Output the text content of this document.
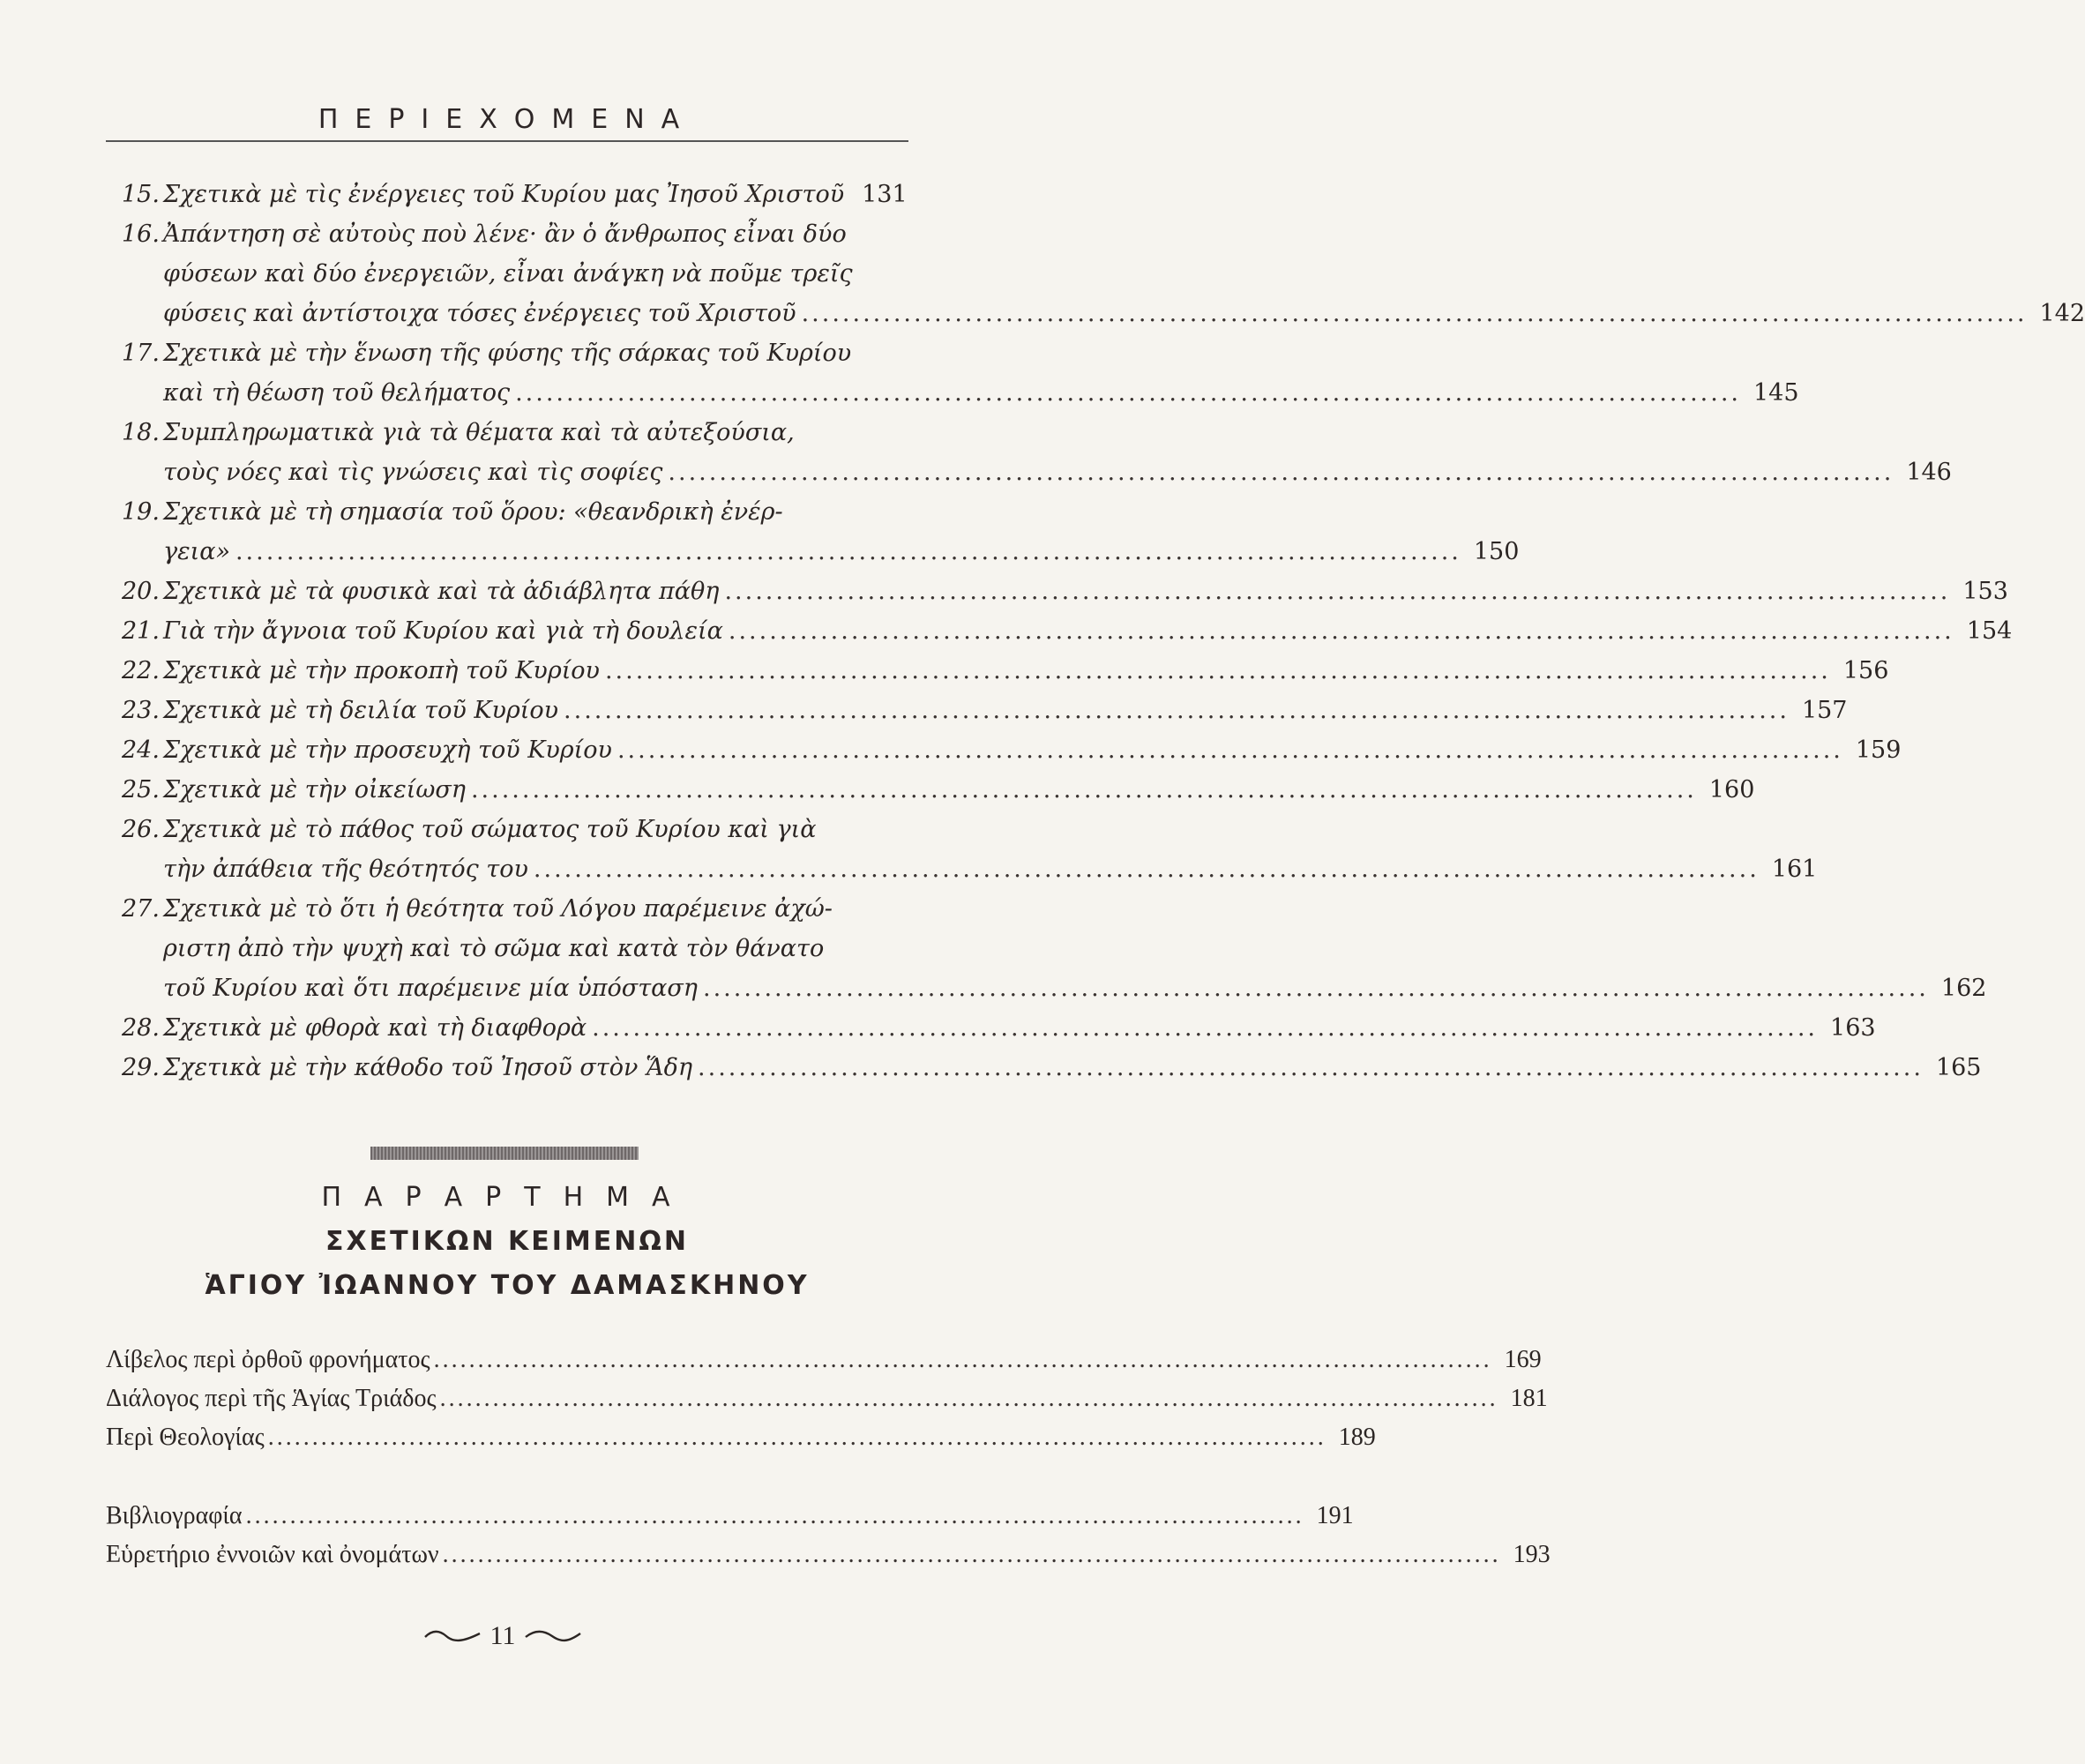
ΠΕΡΙΕΧΟΜΕΝΑ
15. Σχετικὰ μὲ τὶς ἐνέργειες τοῦ Κυρίου μας Ἰησοῦ Χριστοῦ 131
16. Ἀπάντηση σὲ αὐτοὺς ποὺ λένε· ἂν ὁ ἄνθρωπος εἶναι δύο
φύσεων καὶ δύο ἐνεργειῶν, εἶναι ἀνάγκη νὰ ποῦμε τρεῖς
φύσεις καὶ ἀντίστοιχα τόσες ἐνέργειες τοῦ Χριστοῦ ........................................................................................................................ 142
17. Σχετικὰ μὲ τὴν ἕνωση τῆς φύσης τῆς σάρκας τοῦ Κυρίου
καὶ τὴ θέωση τοῦ θελήματος ........................................................................................................................ 145
18. Συμπληρωματικὰ γιὰ τὰ θέματα καὶ τὰ αὐτεξούσια,
τοὺς νόες καὶ τὶς γνώσεις καὶ τὶς σοφίες ........................................................................................................................ 146
19. Σχετικὰ μὲ τὴ σημασία τοῦ ὅρου: «θεανδρικὴ ἐνέρ-
γεια» ........................................................................................................................ 150
20. Σχετικὰ μὲ τὰ φυσικὰ καὶ τὰ ἀδιάβλητα πάθη ........................................................................................................................ 153
21. Γιὰ τὴν ἄγνοια τοῦ Κυρίου καὶ γιὰ τὴ δουλεία ........................................................................................................................ 154
22. Σχετικὰ μὲ τὴν προκοπὴ τοῦ Κυρίου ........................................................................................................................ 156
23. Σχετικὰ μὲ τὴ δειλία τοῦ Κυρίου ........................................................................................................................ 157
24. Σχετικὰ μὲ τὴν προσευχὴ τοῦ Κυρίου ........................................................................................................................ 159
25. Σχετικὰ μὲ τὴν οἰκείωση ........................................................................................................................ 160
26. Σχετικὰ μὲ τὸ πάθος τοῦ σώματος τοῦ Κυρίου καὶ γιὰ
τὴν ἀπάθεια τῆς θεότητός του ........................................................................................................................ 161
27. Σχετικὰ μὲ τὸ ὅτι ἡ θεότητα τοῦ Λόγου παρέμεινε ἀχώ-
ριστη ἀπὸ τὴν ψυχὴ καὶ τὸ σῶμα καὶ κατὰ τὸν θάνατο
τοῦ Κυρίου καὶ ὅτι παρέμεινε μία ὑπόσταση ........................................................................................................................ 162
28. Σχετικὰ μὲ φθορὰ καὶ τὴ διαφθορὰ ........................................................................................................................ 163
29. Σχετικὰ μὲ τὴν κάθοδο τοῦ Ἰησοῦ στὸν Ἅδη ........................................................................................................................ 165
ΠΑΡΑΡΤΗΜΑ
ΣΧΕΤΙΚΩΝ ΚΕΙΜΕΝΩΝ
ἉΓΙΟΥ ἸΩΑΝΝΟΥ ΤΟΥ ΔΑΜΑΣΚΗΝΟΥ
Λίβελος περὶ ὀρθοῦ φρονήματος ........................................................................................................................ 169
Διάλογος περὶ τῆς Ἁγίας Τριάδος ........................................................................................................................ 181
Περὶ Θεολογίας ........................................................................................................................ 189
Βιβλιογραφία ........................................................................................................................ 191
Εὑρετήριο ἐννοιῶν καὶ ὀνομάτων ........................................................................................................................ 193
11
